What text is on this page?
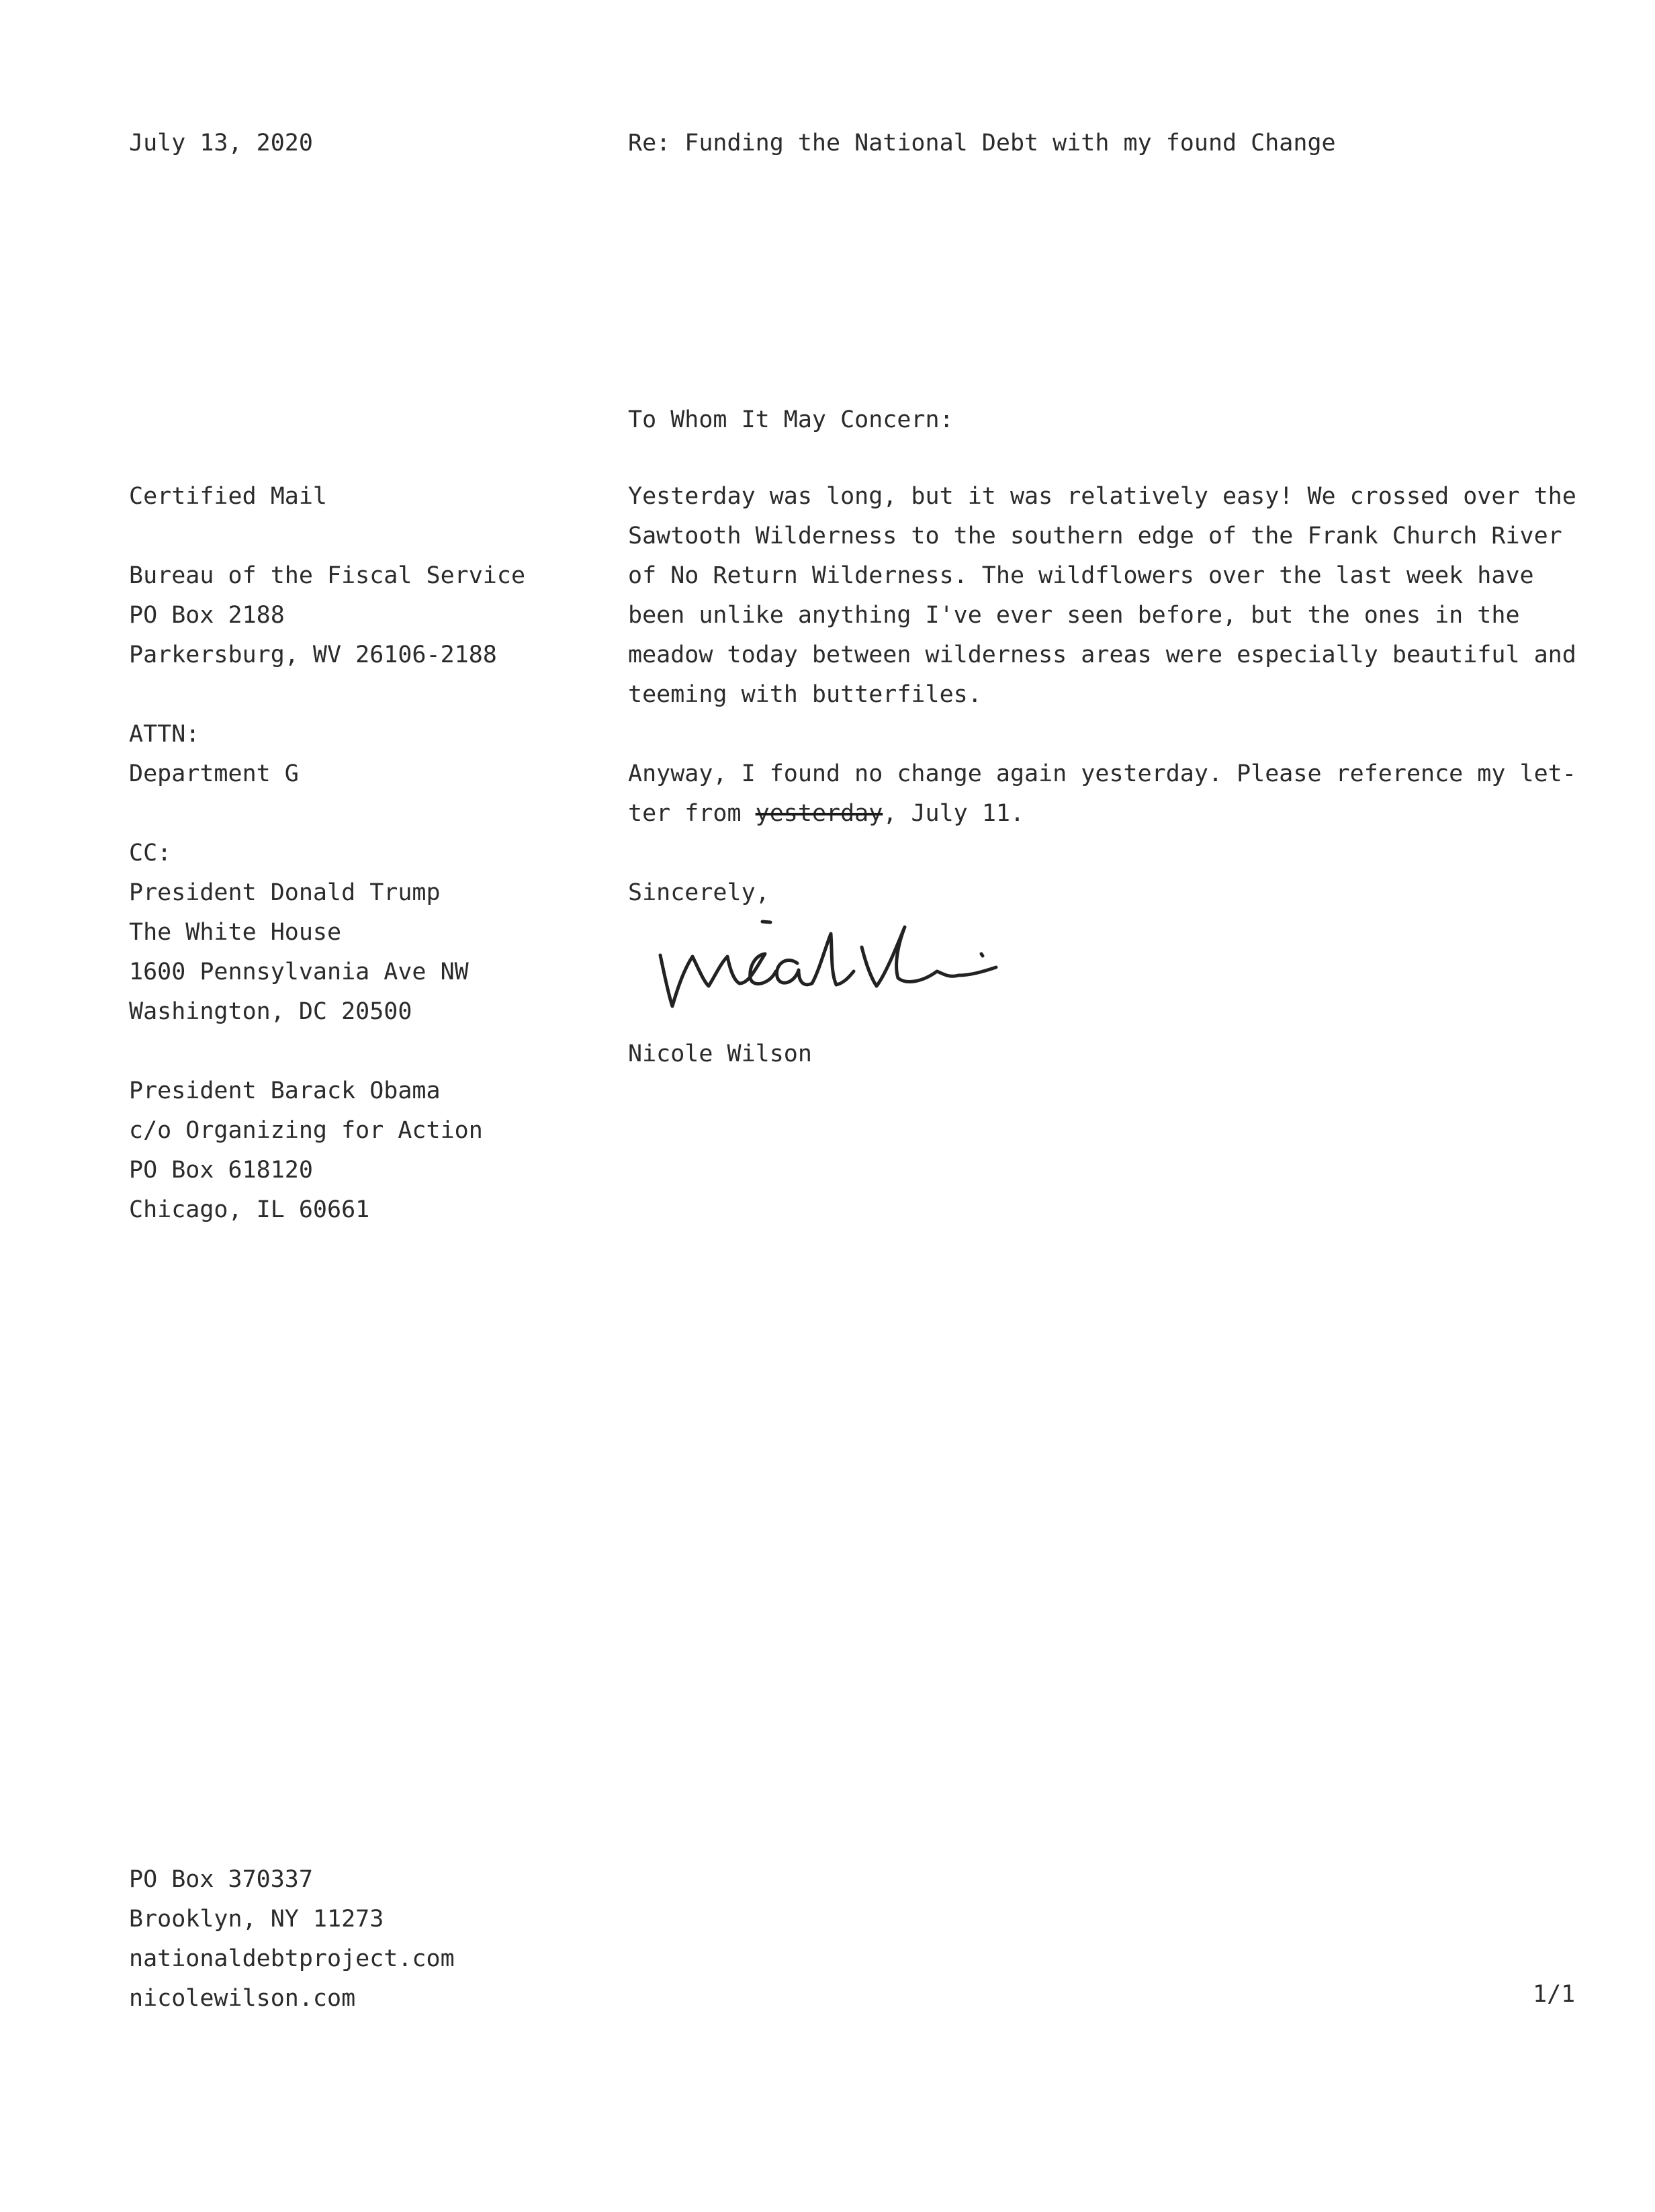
July 13, 2020	Re: Funding the National Debt with my found Change
To Whom It May Concern:
Certified Mail
Bureau of the Fiscal Service
PO Box 2188
Parkersburg, WV 26106-2188
ATTN:
Department G
CC:
President Donald Trump
The White House
1600 Pennsylvania Ave NW
Washington, DC 20500
President Barack Obama
c/o Organizing for Action
PO Box 618120
Chicago, IL 60661
Yesterday was long, but it was relatively easy! We crossed over the
Sawtooth Wilderness to the southern edge of the Frank Church River
of No Return Wilderness. The wildflowers over the last week have
been unlike anything I've ever seen before, but the ones in the
meadow today between wilderness areas were especially beautiful and
teeming with butterfiles.
Anyway, I found no change again yesterday. Please reference my let-
ter from yesterday, July 11.
Sincerely,
Nicole Wilson
PO Box 370337
Brooklyn, NY 11273
nationaldebtproject.com
nicolewilson.com	1/1
